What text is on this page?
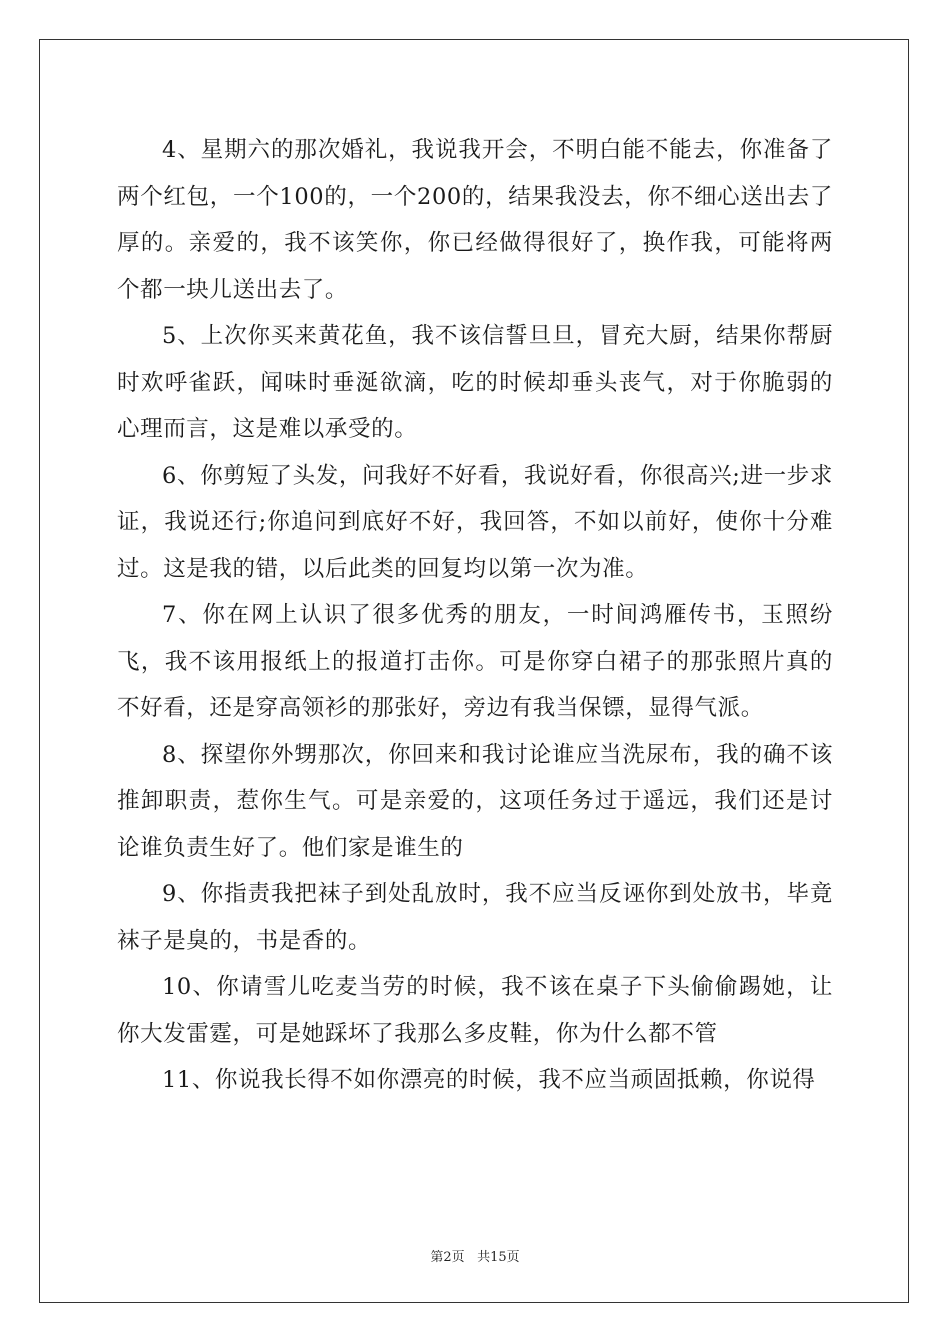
4、星期六的那次婚礼，我说我开会，不明白能不能去，你准备了两个红包，一个100的，一个200的，结果我没去，你不细心送出去了厚的。亲爱的，我不该笑你，你已经做得很好了，换作我，可能将两个都一块儿送出去了。

5、上次你买来黄花鱼，我不该信誓旦旦，冒充大厨，结果你帮厨时欢呼雀跃，闻味时垂涎欲滴，吃的时候却垂头丧气，对于你脆弱的心理而言，这是难以承受的。

6、你剪短了头发，问我好不好看，我说好看，你很高兴;进一步求证，我说还行;你追问到底好不好，我回答，不如以前好，使你十分难过。这是我的错，以后此类的回复均以第一次为准。

7、你在网上认识了很多优秀的朋友，一时间鸿雁传书，玉照纷飞，我不该用报纸上的报道打击你。可是你穿白裙子的那张照片真的不好看，还是穿高领衫的那张好，旁边有我当保镖，显得气派。

8、探望你外甥那次，你回来和我讨论谁应当洗尿布，我的确不该推卸职责，惹你生气。可是亲爱的，这项任务过于遥远，我们还是讨论谁负责生好了。他们家是谁生的

9、你指责我把袜子到处乱放时，我不应当反诬你到处放书，毕竟袜子是臭的，书是香的。

10、你请雪儿吃麦当劳的时候，我不该在桌子下头偷偷踢她，让你大发雷霆，可是她踩坏了我那么多皮鞋，你为什么都不管

11、你说我长得不如你漂亮的时候，我不应当顽固抵赖，你说得

第2页 共15页
